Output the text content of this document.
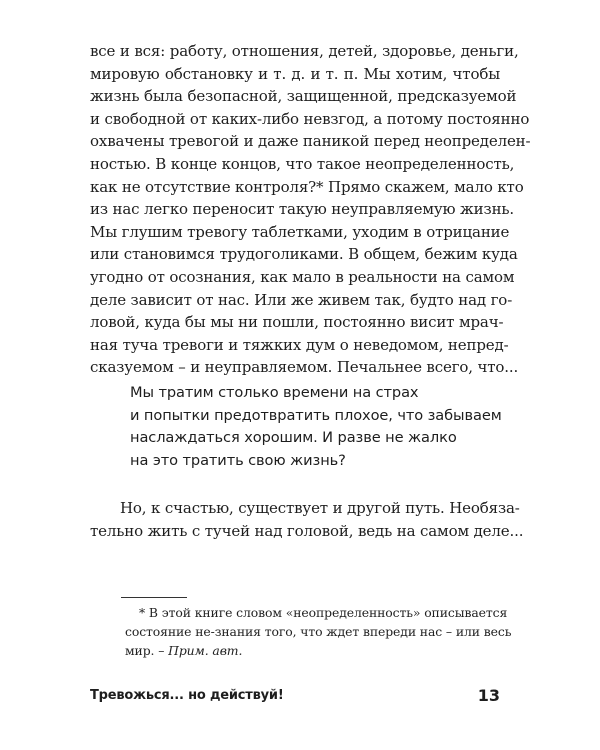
все и вся: работу, отношения, детей, здоровье, деньги,
мировую обстановку и т. д. и т. п. Мы хотим, чтобы
жизнь была безопасной, защищенной, предсказуемой
и свободной от каких-либо невзгод, а потому постоянно
охвачены тревогой и даже паникой перед неопределен-
ностью. В конце концов, что такое неопределенность,
как не отсутствие контроля?* Прямо скажем, мало кто
из нас легко переносит такую неуправляемую жизнь.
Мы глушим тревогу таблетками, уходим в отрицание
или становимся трудоголиками. В общем, бежим куда
угодно от осознания, как мало в реальности на самом
деле зависит от нас. Или же живем так, будто над го-
ловой, куда бы мы ни пошли, постоянно висит мрач-
ная туча тревоги и тяжких дум о неведомом, непред-
сказуемом – и неуправляемом. Печальнее всего, что...
Мы тратим столько времени на страх
и попытки предотвратить плохое, что забываем
наслаждаться хорошим. И разве не жалко
на это тратить свою жизнь?
Но, к счастью, существует и другой путь. Необяза-
тельно жить с тучей над головой, ведь на самом деле...
* В этой книге словом «неопределенность» описывается
состояние не-знания того, что ждет впереди нас – или весь
мир. – Прим. авт.
Тревожься... но действуй!	13
